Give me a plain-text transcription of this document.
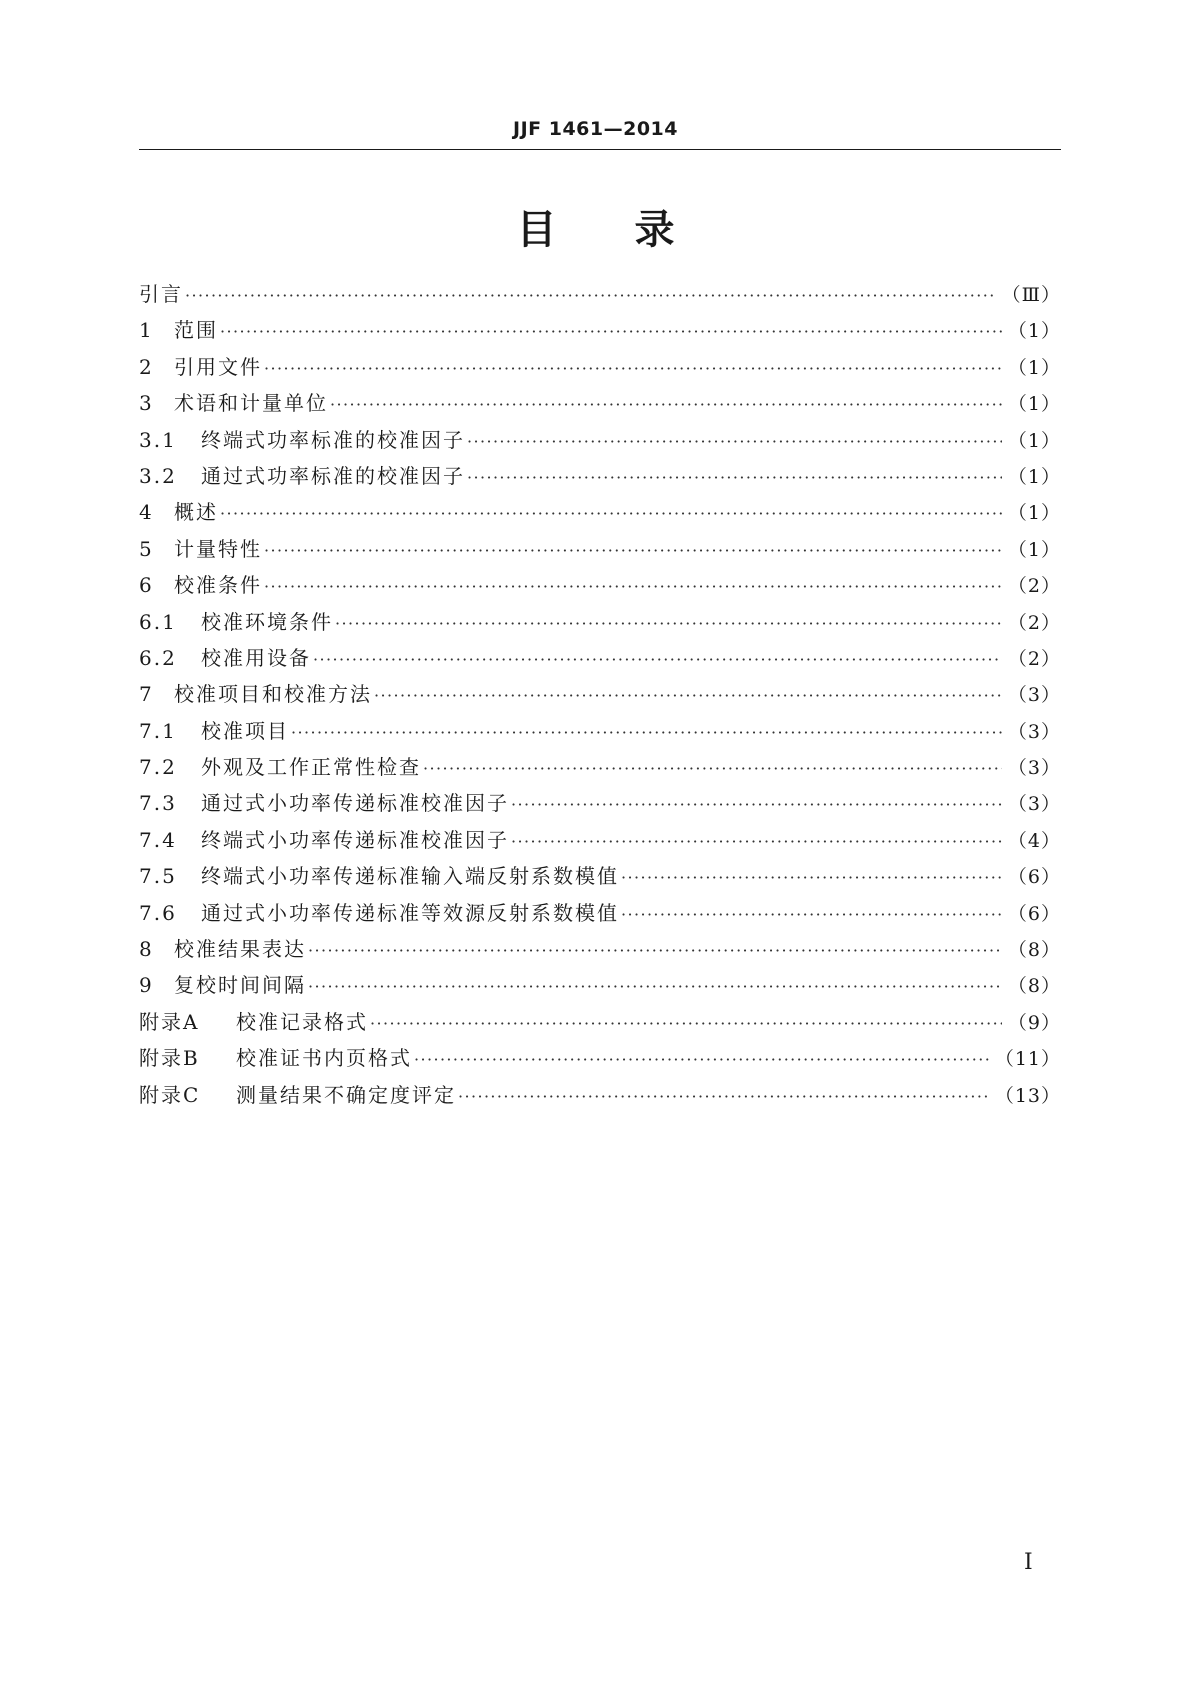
JJF 1461—2014
目录
引言 ·····	（Ⅲ）
1	范围 ·····	（1）
2	引用文件 ·····	（1）
3	术语和计量单位 ·····	（1）
3.1	终端式功率标准的校准因子 ·····	（1）
3.2	通过式功率标准的校准因子 ·····	（1）
4	概述 ·····	（1）
5	计量特性 ·····	（1）
6	校准条件 ·····	（2）
6.1	校准环境条件 ·····	（2）
6.2	校准用设备 ·····	（2）
7	校准项目和校准方法 ·····	（3）
7.1	校准项目 ·····	（3）
7.2	外观及工作正常性检查 ·····	（3）
7.3	通过式小功率传递标准校准因子 ·····	（3）
7.4	终端式小功率传递标准校准因子 ·····	（4）
7.5	终端式小功率传递标准输入端反射系数模值 ·····	（6）
7.6	通过式小功率传递标准等效源反射系数模值 ·····	（6）
8	校准结果表达 ·····	（8）
9	复校时间间隔 ·····	（8）
附录A	校准记录格式 ·····	（9）
附录B	校准证书内页格式 ·····	（11）
附录C	测量结果不确定度评定 ·····	（13）
Ⅰ
